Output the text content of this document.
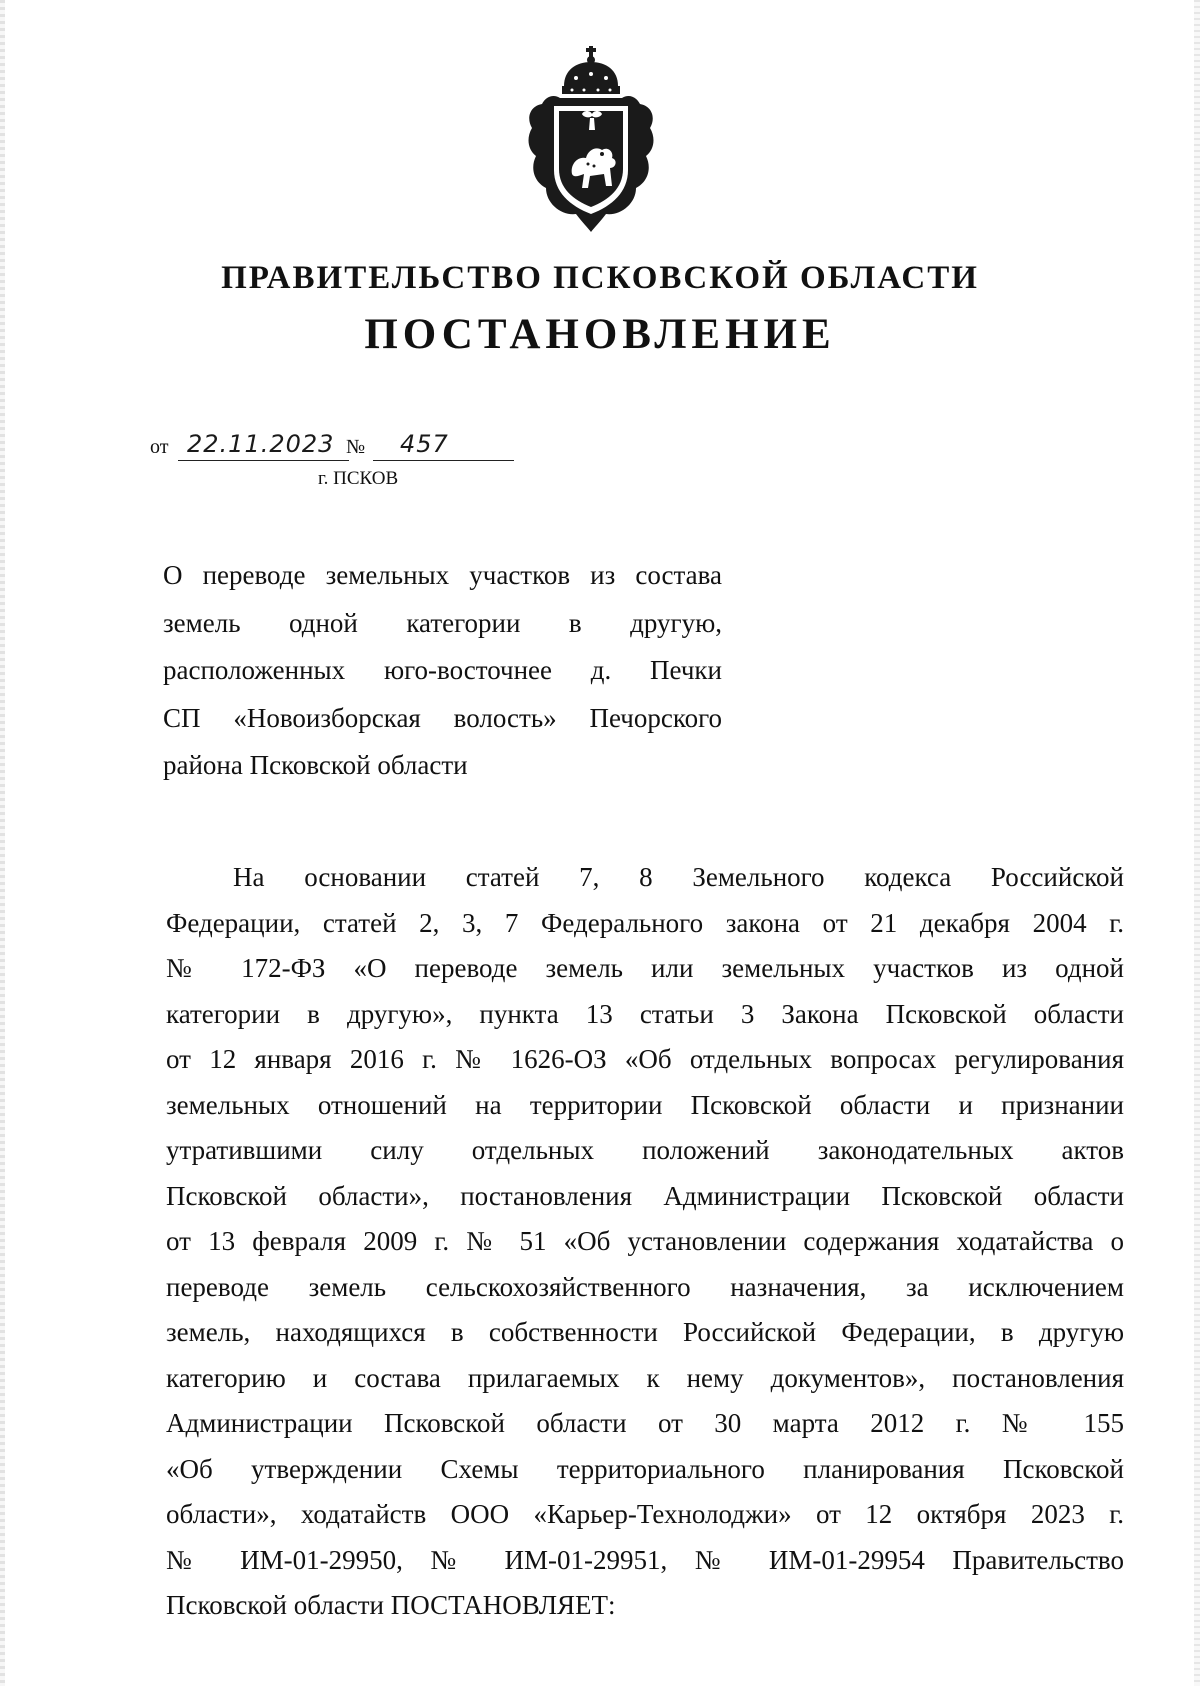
ПРАВИТЕЛЬСТВО ПСКОВСКОЙ ОБЛАСТИ
ПОСТАНОВЛЕНИЕ
от 22.11.2023 № 457
г. ПСКОВ
О переводе земельных участков из состава
земель одной категории в другую,
расположенных юго-восточнее д. Печки
СП «Новоизборская волость» Печорского
района Псковской области
На основании статей 7, 8 Земельного кодекса Российской
Федерации, статей 2, 3, 7 Федерального закона от 21 декабря 2004 г.
№ 172-ФЗ «О переводе земель или земельных участков из одной
категории в другую», пункта 13 статьи 3 Закона Псковской области
от 12 января 2016 г. № 1626-ОЗ «Об отдельных вопросах регулирования
земельных отношений на территории Псковской области и признании
утратившими силу отдельных положений законодательных актов
Псковской области», постановления Администрации Псковской области
от 13 февраля 2009 г. № 51 «Об установлении содержания ходатайства о
переводе земель сельскохозяйственного назначения, за исключением
земель, находящихся в собственности Российской Федерации, в другую
категорию и состава прилагаемых к нему документов», постановления
Администрации Псковской области от 30 марта 2012 г. № 155
«Об утверждении Схемы территориального планирования Псковской
области», ходатайств ООО «Карьер-Технолоджи» от 12 октября 2023 г.
№ ИМ-01-29950, № ИМ-01-29951, № ИМ-01-29954 Правительство
Псковской области ПОСТАНОВЛЯЕТ:
